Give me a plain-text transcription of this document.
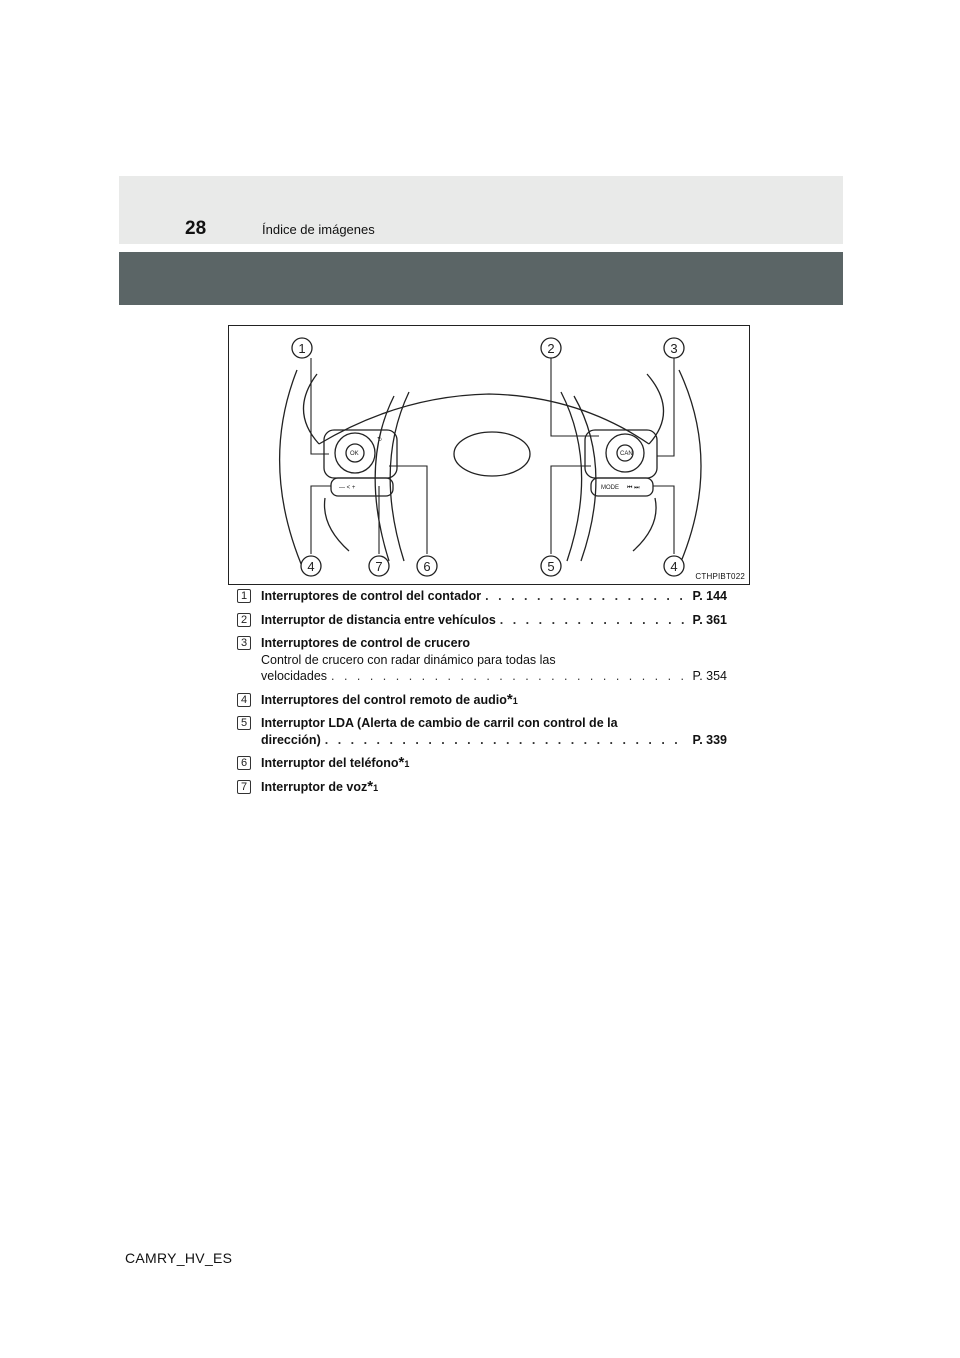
28	Índice de imágenes
OK	CAN
⮌
— < +	MODE ⏮ ⏭
1	2	3
4	7	6	5	4
CTHPIBT022
1	Interruptores de control del contador . . .	P. 144
2	Interruptor de distancia entre vehículos . . .	P. 361
3	Interruptores de control de crucero
Control de crucero con radar dinámico para todas las
velocidades . . .	P. 354
4	Interruptores del control remoto de audio *1
5	Interruptor LDA (Alerta de cambio de carril con control de la
dirección) . . .	P. 339
6	Interruptor del teléfono *1
7	Interruptor de voz *1
CAMRY_HV_ES
